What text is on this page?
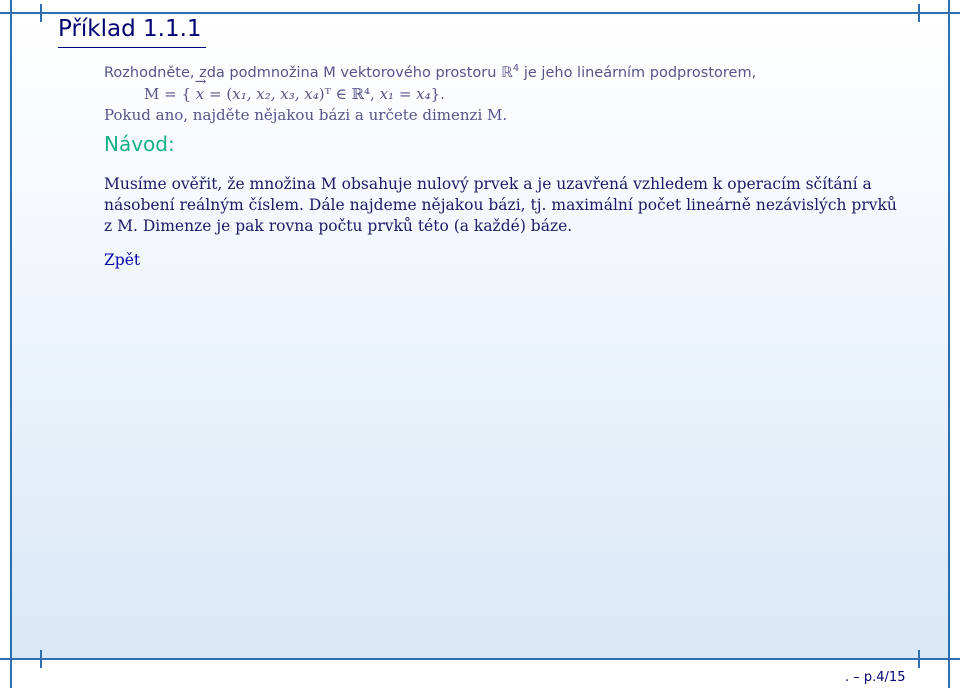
Příklad 1.1.1
Rozhodněte, zda podmnožina M vektorového prostoru ℝ$^4$ je jeho lineárním podprostorem,
M = { → x = (x₁, x₂, x₃, x₄)ᵀ ∈ ℝ⁴, x₁ = x₄}.
Pokud ano, najděte nějakou bázi a určete dimenzi M.
Návod:
Musíme ověřit, že množina M obsahuje nulový prvek a je uzavřená vzhledem k operacím sčítání a násobení reálným číslem. Dále najdeme nějakou bázi, tj. maximální počet lineárně nezávislých prvků z M. Dimenze je pak rovna počtu prvků této (a každé) báze.
Zpět
. – p.4/15
